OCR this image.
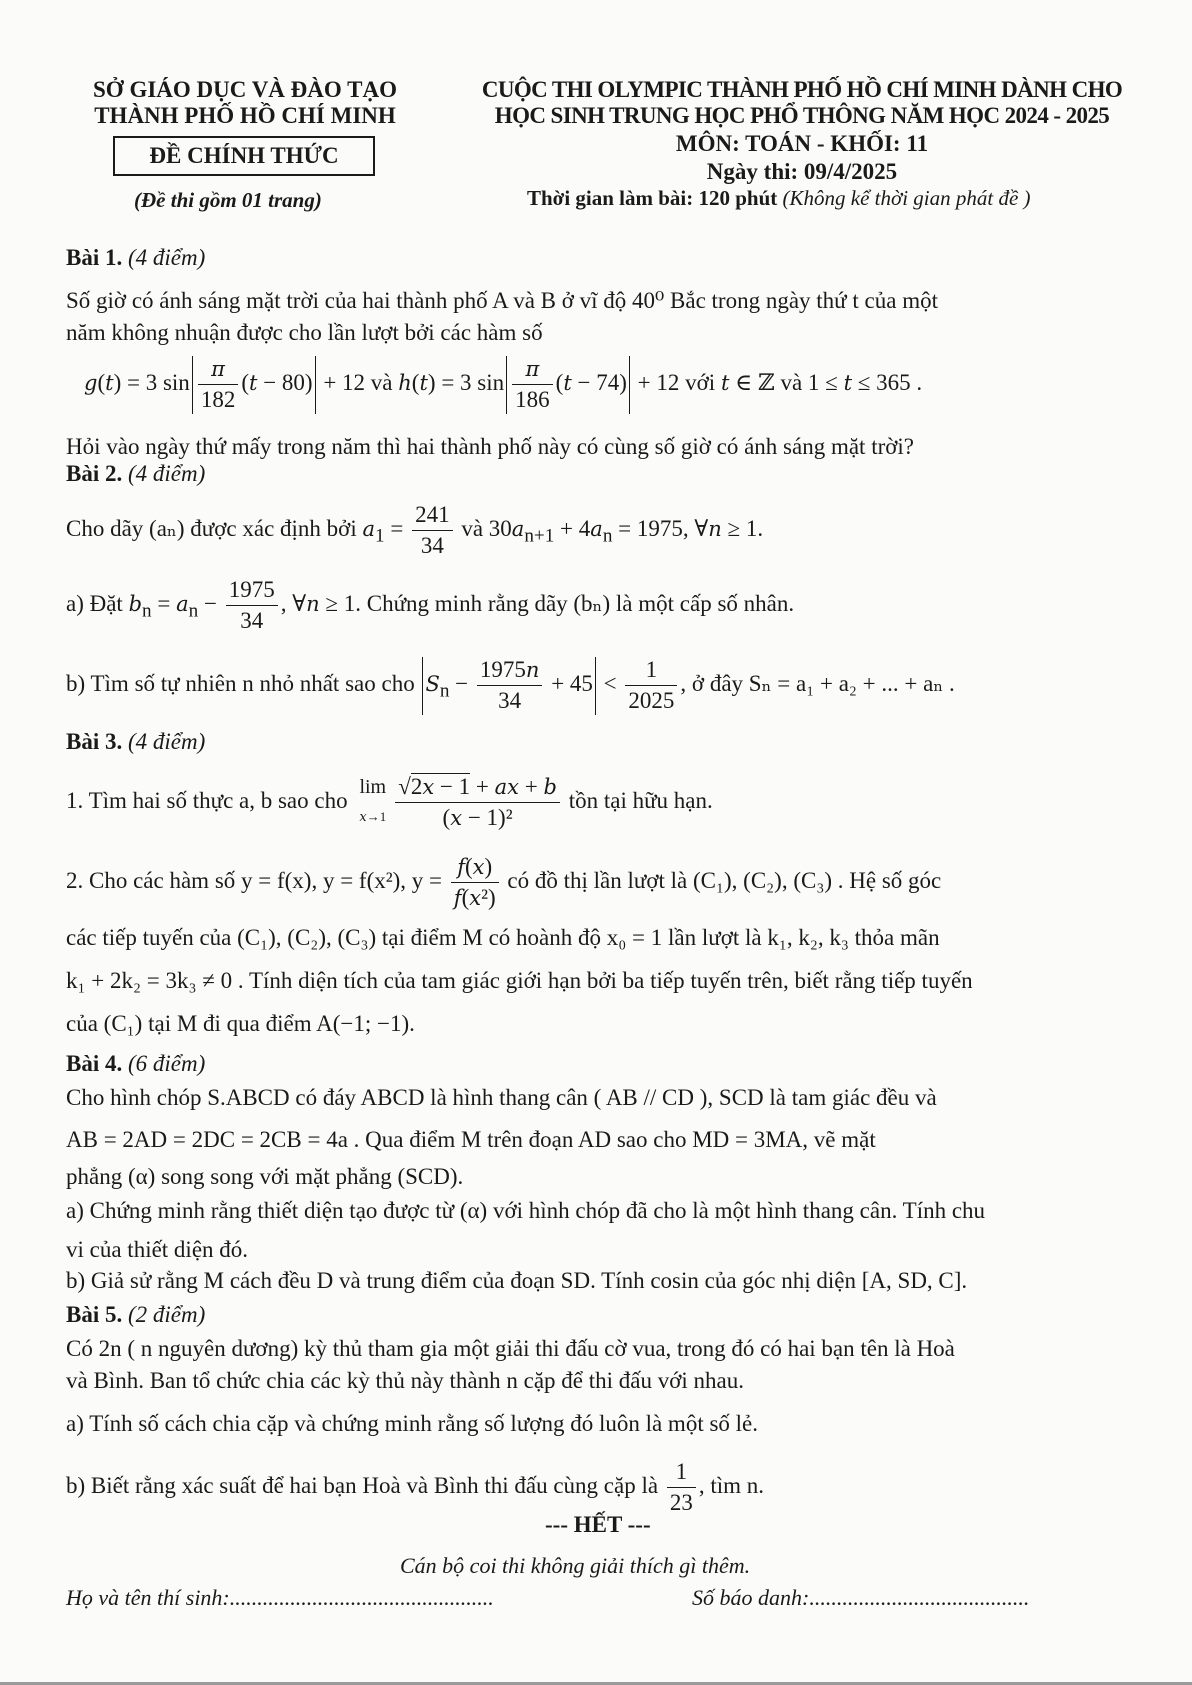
SỞ GIÁO DỤC VÀ ĐÀO TẠO
THÀNH PHỐ HỒ CHÍ MINH
ĐỀ CHÍNH THỨC
(Đề thi gồm 01 trang)
CUỘC THI OLYMPIC THÀNH PHỐ HỒ CHÍ MINH DÀNH CHO
HỌC SINH TRUNG HỌC PHỔ THÔNG NĂM HỌC 2024 - 2025
MÔN: TOÁN - KHỐI: 11
Ngày thi: 09/4/2025
Thời gian làm bài: 120 phút (Không kể thời gian phát đề )
Bài 1. (4 điểm)
Số giờ có ánh sáng mặt trời của hai thành phố A và B ở vĩ độ 40⁰ Bắc trong ngày thứ t của một
năm không nhuận được cho lần lượt bởi các hàm số
g(t) = 3 $\sin \frac{\pi}{182} (t - 80) + 12$ và h(t) = 3 $\sin \frac{\pi}{186} (t - 74) + 12$ với t ∈ ℤ và 1 ≤ t ≤ 365 .
Hỏi vào ngày thứ mấy trong năm thì hai thành phố này có cùng số giờ có ánh sáng mặt trời?
Bài 2. (4 điểm)
Cho dãy (aₙ) được xác định bởi $a_1 = \frac{241}{34}$ và $30a_{n+1} + 4a_n = 1975$, ∀n ≥ 1.
a) Đặt $b_n = a_n - \frac{1975}{34}$ , ∀n ≥ 1. Chứng minh rằng dãy (bₙ) là một cấp số nhân.
b) Tìm số tự nhiên n nhỏ nhất sao cho $S_n - \frac{1975n}{34} + 45 < \frac{1}{2025}$ , ở đây Sₙ = a₁ + a₂ + ... + aₙ .
Bài 3. (4 điểm)
1. Tìm hai số thực a, b sao cho
lim
$x\to 1 \frac{√2x - 1 + ax + b}{\text{(x − 1)²}}$ tồn tại hữu hạn.
2. Cho các hàm số y = f(x), y = f(x²), $y = \frac{f(x)}{\text{f(x²)}}$ có đồ thị lần lượt là (C₁), (C₂), (C₃) . Hệ số góc
các tiếp tuyến của (C₁), (C₂), (C₃) tại điểm M có hoành độ x₀ = 1 lần lượt là k₁, k₂, k₃ thỏa mãn
k₁ + 2k₂ = 3k₃ ≠ 0 . Tính diện tích của tam giác giới hạn bởi ba tiếp tuyến trên, biết rằng tiếp tuyến
của (C₁) tại M đi qua điểm A(−1; −1).
Bài 4. (6 điểm)
Cho hình chóp S.ABCD có đáy ABCD là hình thang cân ( AB // CD ), SCD là tam giác đều và
AB = 2AD = 2DC = 2CB = 4a . Qua điểm M trên đoạn AD sao cho MD = 3MA, vẽ mặt
phẳng (α) song song với mặt phẳng (SCD).
a) Chứng minh rằng thiết diện tạo được từ (α) với hình chóp đã cho là một hình thang cân. Tính chu
vi của thiết diện đó.
b) Giả sử rằng M cách đều D và trung điểm của đoạn SD. Tính cosin của góc nhị diện [A, SD, C].
Bài 5. (2 điểm)
Có 2n ( n nguyên dương) kỳ thủ tham gia một giải thi đấu cờ vua, trong đó có hai bạn tên là Hoà
và Bình. Ban tổ chức chia các kỳ thủ này thành n cặp để thi đấu với nhau.
a) Tính số cách chia cặp và chứng minh rằng số lượng đó luôn là một số lẻ.
b) Biết rằng xác suất để hai bạn Hoà và Bình thi đấu cùng cặp là $\frac{1}{23}$ , tìm n.
--- HẾT ---
Cán bộ coi thi không giải thích gì thêm.
Họ và tên thí sinh:................................................	Số báo danh:........................................
